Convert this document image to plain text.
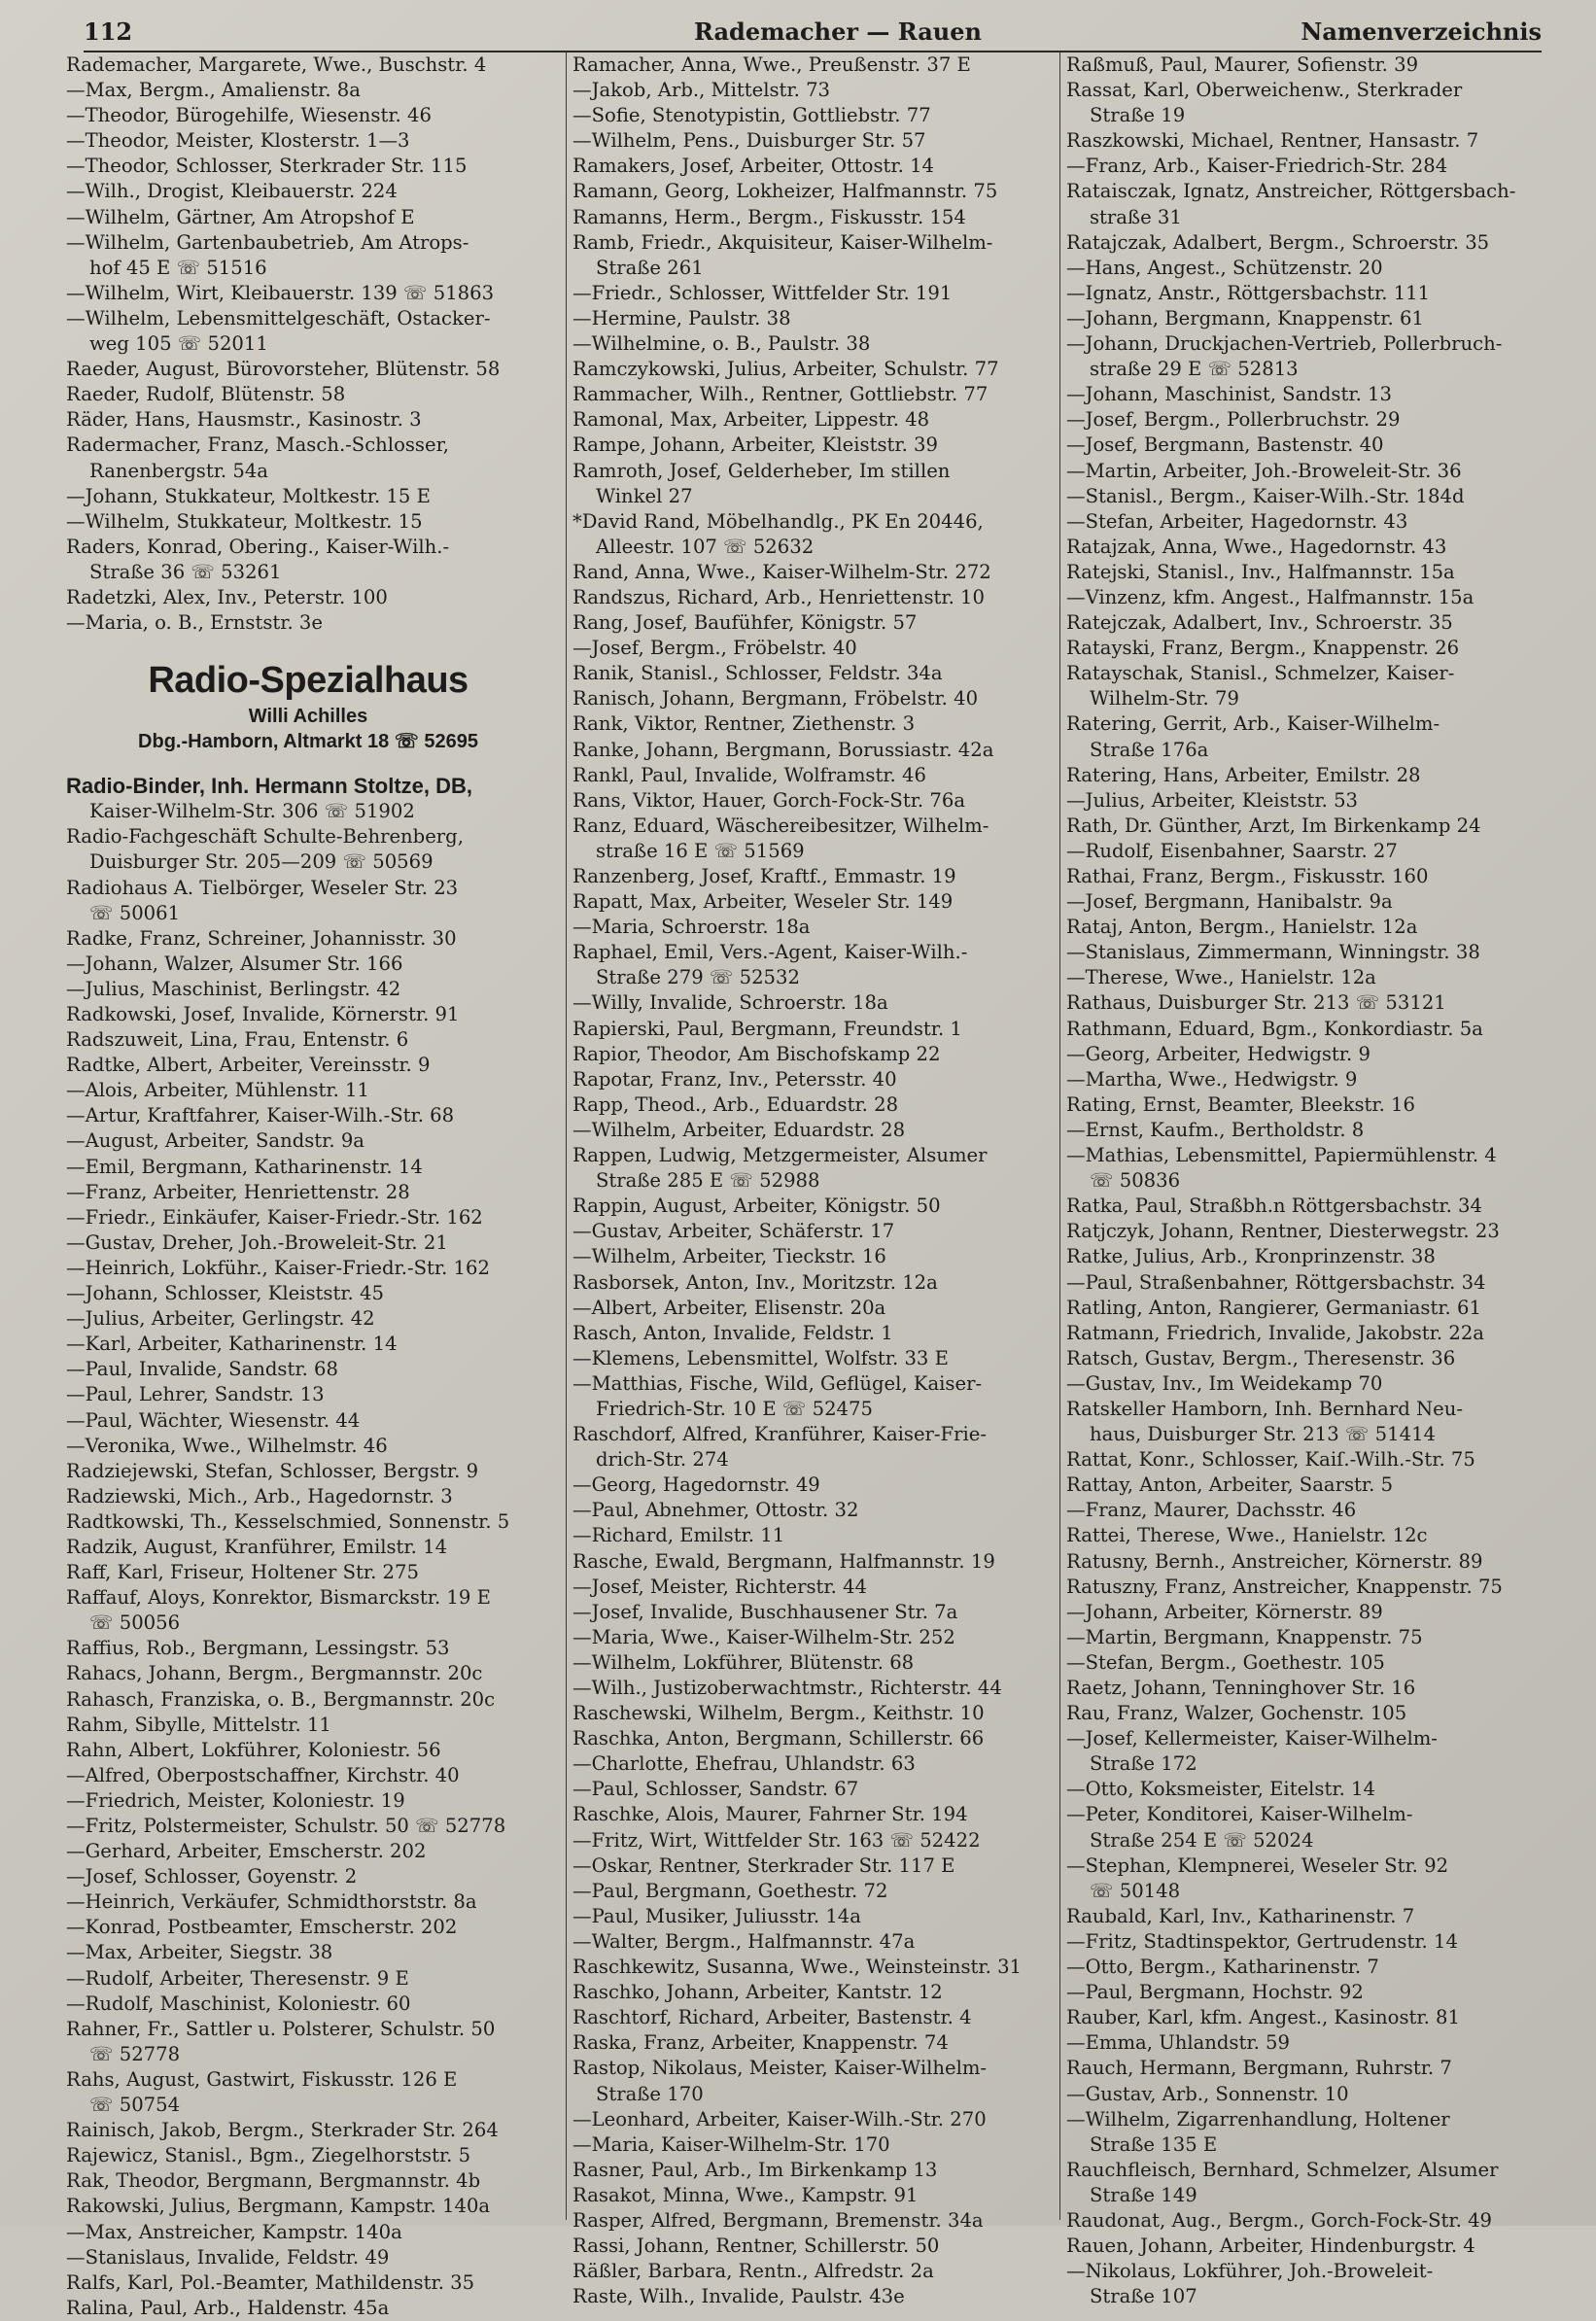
112	Rademacher — Rauen	Namenverzeichnis
Rademacher, Margarete, Wwe., Buschstr. 4
—Max, Bergm., Amalienstr. 8a
—Theodor, Bürogehilfe, Wiesenstr. 46
—Theodor, Meister, Klosterstr. 1—3
—Theodor, Schlosser, Sterkrader Str. 115
—Wilh., Drogist, Kleibauerstr. 224
—Wilhelm, Gärtner, Am Atropshof E
—Wilhelm, Gartenbaubetrieb, Am Atrops-
hof 45 E ☏ 51516
—Wilhelm, Wirt, Kleibauerstr. 139 ☏ 51863
—Wilhelm, Lebensmittelgeschäft, Ostacker-
weg 105 ☏ 52011
Raeder, August, Bürovorsteher, Blütenstr. 58
Raeder, Rudolf, Blütenstr. 58
Räder, Hans, Hausmstr., Kasinostr. 3
Radermacher, Franz, Masch.-Schlosser,
Ranenbergstr. 54a
—Johann, Stukkateur, Moltkestr. 15 E
—Wilhelm, Stukkateur, Moltkestr. 15
Raders, Konrad, Obering., Kaiser-Wilh.-
Straße 36 ☏ 53261
Radetzki, Alex, Inv., Peterstr. 100
—Maria, o. B., Ernststr. 3e
Radio-Spezialhaus
Willi Achilles
Dbg.-Hamborn, Altmarkt 18 ☏ 52695
Radio-Binder, Inh. Hermann Stoltze, DB,
Kaiser-Wilhelm-Str. 306 ☏ 51902
Radio-Fachgeschäft Schulte-Behrenberg,
Duisburger Str. 205—209 ☏ 50569
Radiohaus A. Tielbörger, Weseler Str. 23
☏ 50061
Radke, Franz, Schreiner, Johannisstr. 30
—Johann, Walzer, Alsumer Str. 166
—Julius, Maschinist, Berlingstr. 42
Radkowski, Josef, Invalide, Körnerstr. 91
Radszuweit, Lina, Frau, Entenstr. 6
Radtke, Albert, Arbeiter, Vereinsstr. 9
—Alois, Arbeiter, Mühlenstr. 11
—Artur, Kraftfahrer, Kaiser-Wilh.-Str. 68
—August, Arbeiter, Sandstr. 9a
—Emil, Bergmann, Katharinenstr. 14
—Franz, Arbeiter, Henriettenstr. 28
—Friedr., Einkäufer, Kaiser-Friedr.-Str. 162
—Gustav, Dreher, Joh.-Broweleit-Str. 21
—Heinrich, Lokführ., Kaiser-Friedr.-Str. 162
—Johann, Schlosser, Kleiststr. 45
—Julius, Arbeiter, Gerlingstr. 42
—Karl, Arbeiter, Katharinenstr. 14
—Paul, Invalide, Sandstr. 68
—Paul, Lehrer, Sandstr. 13
—Paul, Wächter, Wiesenstr. 44
—Veronika, Wwe., Wilhelmstr. 46
Radziejewski, Stefan, Schlosser, Bergstr. 9
Radziewski, Mich., Arb., Hagedornstr. 3
Radtkowski, Th., Kesselschmied, Sonnenstr. 5
Radzik, August, Kranführer, Emilstr. 14
Raff, Karl, Friseur, Holtener Str. 275
Raffauf, Aloys, Konrektor, Bismarckstr. 19 E
☏ 50056
Raffius, Rob., Bergmann, Lessingstr. 53
Rahacs, Johann, Bergm., Bergmannstr. 20c
Rahasch, Franziska, o. B., Bergmannstr. 20c
Rahm, Sibylle, Mittelstr. 11
Rahn, Albert, Lokführer, Koloniestr. 56
—Alfred, Oberpostschaffner, Kirchstr. 40
—Friedrich, Meister, Koloniestr. 19
—Fritz, Polstermeister, Schulstr. 50 ☏ 52778
—Gerhard, Arbeiter, Emscherstr. 202
—Josef, Schlosser, Goyenstr. 2
—Heinrich, Verkäufer, Schmidthorststr. 8a
—Konrad, Postbeamter, Emscherstr. 202
—Max, Arbeiter, Siegstr. 38
—Rudolf, Arbeiter, Theresenstr. 9 E
—Rudolf, Maschinist, Koloniestr. 60
Rahner, Fr., Sattler u. Polsterer, Schulstr. 50
☏ 52778
Rahs, August, Gastwirt, Fiskusstr. 126 E
☏ 50754
Rainisch, Jakob, Bergm., Sterkrader Str. 264
Rajewicz, Stanisl., Bgm., Ziegelhorststr. 5
Rak, Theodor, Bergmann, Bergmannstr. 4b
Rakowski, Julius, Bergmann, Kampstr. 140a
—Max, Anstreicher, Kampstr. 140a
—Stanislaus, Invalide, Feldstr. 49
Ralfs, Karl, Pol.-Beamter, Mathildenstr. 35
Ralina, Paul, Arb., Haldenstr. 45a
Ramacher, Anna, Wwe., Preußenstr. 37 E
—Jakob, Arb., Mittelstr. 73
—Sofie, Stenotypistin, Gottliebstr. 77
—Wilhelm, Pens., Duisburger Str. 57
Ramakers, Josef, Arbeiter, Ottostr. 14
Ramann, Georg, Lokheizer, Halfmannstr. 75
Ramanns, Herm., Bergm., Fiskusstr. 154
Ramb, Friedr., Akquisiteur, Kaiser-Wilhelm-
Straße 261
—Friedr., Schlosser, Wittfelder Str. 191
—Hermine, Paulstr. 38
—Wilhelmine, o. B., Paulstr. 38
Ramczykowski, Julius, Arbeiter, Schulstr. 77
Rammacher, Wilh., Rentner, Gottliebstr. 77
Ramonal, Max, Arbeiter, Lippestr. 48
Rampe, Johann, Arbeiter, Kleiststr. 39
Ramroth, Josef, Gelderheber, Im stillen
Winkel 27
*David Rand, Möbelhandlg., PK En 20446,
Alleestr. 107 ☏ 52632
Rand, Anna, Wwe., Kaiser-Wilhelm-Str. 272
Randszus, Richard, Arb., Henriettenstr. 10
Rang, Josef, Baufühfer, Königstr. 57
—Josef, Bergm., Fröbelstr. 40
Ranik, Stanisl., Schlosser, Feldstr. 34a
Ranisch, Johann, Bergmann, Fröbelstr. 40
Rank, Viktor, Rentner, Ziethenstr. 3
Ranke, Johann, Bergmann, Borussiastr. 42a
Rankl, Paul, Invalide, Wolframstr. 46
Rans, Viktor, Hauer, Gorch-Fock-Str. 76a
Ranz, Eduard, Wäschereibesitzer, Wilhelm-
straße 16 E ☏ 51569
Ranzenberg, Josef, Kraftf., Emmastr. 19
Rapatt, Max, Arbeiter, Weseler Str. 149
—Maria, Schroerstr. 18a
Raphael, Emil, Vers.-Agent, Kaiser-Wilh.-
Straße 279 ☏ 52532
—Willy, Invalide, Schroerstr. 18a
Rapierski, Paul, Bergmann, Freundstr. 1
Rapior, Theodor, Am Bischofskamp 22
Rapotar, Franz, Inv., Petersstr. 40
Rapp, Theod., Arb., Eduardstr. 28
—Wilhelm, Arbeiter, Eduardstr. 28
Rappen, Ludwig, Metzgermeister, Alsumer
Straße 285 E ☏ 52988
Rappin, August, Arbeiter, Königstr. 50
—Gustav, Arbeiter, Schäferstr. 17
—Wilhelm, Arbeiter, Tieckstr. 16
Rasborsek, Anton, Inv., Moritzstr. 12a
—Albert, Arbeiter, Elisenstr. 20a
Rasch, Anton, Invalide, Feldstr. 1
—Klemens, Lebensmittel, Wolfstr. 33 E
—Matthias, Fische, Wild, Geflügel, Kaiser-
Friedrich-Str. 10 E ☏ 52475
Raschdorf, Alfred, Kranführer, Kaiser-Frie-
drich-Str. 274
—Georg, Hagedornstr. 49
—Paul, Abnehmer, Ottostr. 32
—Richard, Emilstr. 11
Rasche, Ewald, Bergmann, Halfmannstr. 19
—Josef, Meister, Richterstr. 44
—Josef, Invalide, Buschhausener Str. 7a
—Maria, Wwe., Kaiser-Wilhelm-Str. 252
—Wilhelm, Lokführer, Blütenstr. 68
—Wilh., Justizoberwachtmstr., Richterstr. 44
Raschewski, Wilhelm, Bergm., Keithstr. 10
Raschka, Anton, Bergmann, Schillerstr. 66
—Charlotte, Ehefrau, Uhlandstr. 63
—Paul, Schlosser, Sandstr. 67
Raschke, Alois, Maurer, Fahrner Str. 194
—Fritz, Wirt, Wittfelder Str. 163 ☏ 52422
—Oskar, Rentner, Sterkrader Str. 117 E
—Paul, Bergmann, Goethestr. 72
—Paul, Musiker, Juliusstr. 14a
—Walter, Bergm., Halfmannstr. 47a
Raschkewitz, Susanna, Wwe., Weinsteinstr. 31
Raschko, Johann, Arbeiter, Kantstr. 12
Raschtorf, Richard, Arbeiter, Bastenstr. 4
Raska, Franz, Arbeiter, Knappenstr. 74
Rastop, Nikolaus, Meister, Kaiser-Wilhelm-
Straße 170
—Leonhard, Arbeiter, Kaiser-Wilh.-Str. 270
—Maria, Kaiser-Wilhelm-Str. 170
Rasner, Paul, Arb., Im Birkenkamp 13
Rasakot, Minna, Wwe., Kampstr. 91
Rasper, Alfred, Bergmann, Bremenstr. 34a
Rassi, Johann, Rentner, Schillerstr. 50
Räßler, Barbara, Rentn., Alfredstr. 2a
Raste, Wilh., Invalide, Paulstr. 43e
Raßmuß, Paul, Maurer, Sofienstr. 39
Rassat, Karl, Oberweichenw., Sterkrader
Straße 19
Raszkowski, Michael, Rentner, Hansastr. 7
—Franz, Arb., Kaiser-Friedrich-Str. 284
Rataisczak, Ignatz, Anstreicher, Röttgersbach-
straße 31
Ratajczak, Adalbert, Bergm., Schroerstr. 35
—Hans, Angest., Schützenstr. 20
—Ignatz, Anstr., Röttgersbachstr. 111
—Johann, Bergmann, Knappenstr. 61
—Johann, Druckjachen-Vertrieb, Pollerbruch-
straße 29 E ☏ 52813
—Johann, Maschinist, Sandstr. 13
—Josef, Bergm., Pollerbruchstr. 29
—Josef, Bergmann, Bastenstr. 40
—Martin, Arbeiter, Joh.-Broweleit-Str. 36
—Stanisl., Bergm., Kaiser-Wilh.-Str. 184d
—Stefan, Arbeiter, Hagedornstr. 43
Ratajzak, Anna, Wwe., Hagedornstr. 43
Ratejski, Stanisl., Inv., Halfmannstr. 15a
—Vinzenz, kfm. Angest., Halfmannstr. 15a
Ratejczak, Adalbert, Inv., Schroerstr. 35
Ratayski, Franz, Bergm., Knappenstr. 26
Ratayschak, Stanisl., Schmelzer, Kaiser-
Wilhelm-Str. 79
Ratering, Gerrit, Arb., Kaiser-Wilhelm-
Straße 176a
Ratering, Hans, Arbeiter, Emilstr. 28
—Julius, Arbeiter, Kleiststr. 53
Rath, Dr. Günther, Arzt, Im Birkenkamp 24
—Rudolf, Eisenbahner, Saarstr. 27
Rathai, Franz, Bergm., Fiskusstr. 160
—Josef, Bergmann, Hanibalstr. 9a
Rataj, Anton, Bergm., Hanielstr. 12a
—Stanislaus, Zimmermann, Winningstr. 38
—Therese, Wwe., Hanielstr. 12a
Rathaus, Duisburger Str. 213 ☏ 53121
Rathmann, Eduard, Bgm., Konkordiastr. 5a
—Georg, Arbeiter, Hedwigstr. 9
—Martha, Wwe., Hedwigstr. 9
Rating, Ernst, Beamter, Bleekstr. 16
—Ernst, Kaufm., Bertholdstr. 8
—Mathias, Lebensmittel, Papiermühlenstr. 4
☏ 50836
Ratka, Paul, Straßbh.n Röttgersbachstr. 34
Ratjczyk, Johann, Rentner, Diesterwegstr. 23
Ratke, Julius, Arb., Kronprinzenstr. 38
—Paul, Straßenbahner, Röttgersbachstr. 34
Ratling, Anton, Rangierer, Germaniastr. 61
Ratmann, Friedrich, Invalide, Jakobstr. 22a
Ratsch, Gustav, Bergm., Theresenstr. 36
—Gustav, Inv., Im Weidekamp 70
Ratskeller Hamborn, Inh. Bernhard Neu-
haus, Duisburger Str. 213 ☏ 51414
Rattat, Konr., Schlosser, Kaiſ.-Wilh.-Str. 75
Rattay, Anton, Arbeiter, Saarstr. 5
—Franz, Maurer, Dachsstr. 46
Rattei, Therese, Wwe., Hanielstr. 12c
Ratusny, Bernh., Anstreicher, Körnerstr. 89
Ratuszny, Franz, Anstreicher, Knappenstr. 75
—Johann, Arbeiter, Körnerstr. 89
—Martin, Bergmann, Knappenstr. 75
—Stefan, Bergm., Goethestr. 105
Raetz, Johann, Tenninghover Str. 16
Rau, Franz, Walzer, Gochenstr. 105
—Josef, Kellermeister, Kaiser-Wilhelm-
Straße 172
—Otto, Koksmeister, Eitelstr. 14
—Peter, Konditorei, Kaiser-Wilhelm-
Straße 254 E ☏ 52024
—Stephan, Klempnerei, Weseler Str. 92
☏ 50148
Raubald, Karl, Inv., Katharinenstr. 7
—Fritz, Stadtinspektor, Gertrudenstr. 14
—Otto, Bergm., Katharinenstr. 7
—Paul, Bergmann, Hochstr. 92
Rauber, Karl, kfm. Angest., Kasinostr. 81
—Emma, Uhlandstr. 59
Rauch, Hermann, Bergmann, Ruhrstr. 7
—Gustav, Arb., Sonnenstr. 10
—Wilhelm, Zigarrenhandlung, Holtener
Straße 135 E
Rauchfleisch, Bernhard, Schmelzer, Alsumer
Straße 149
Raudonat, Aug., Bergm., Gorch-Fock-Str. 49
Rauen, Johann, Arbeiter, Hindenburgstr. 4
—Nikolaus, Lokführer, Joh.-Broweleit-
Straße 107
